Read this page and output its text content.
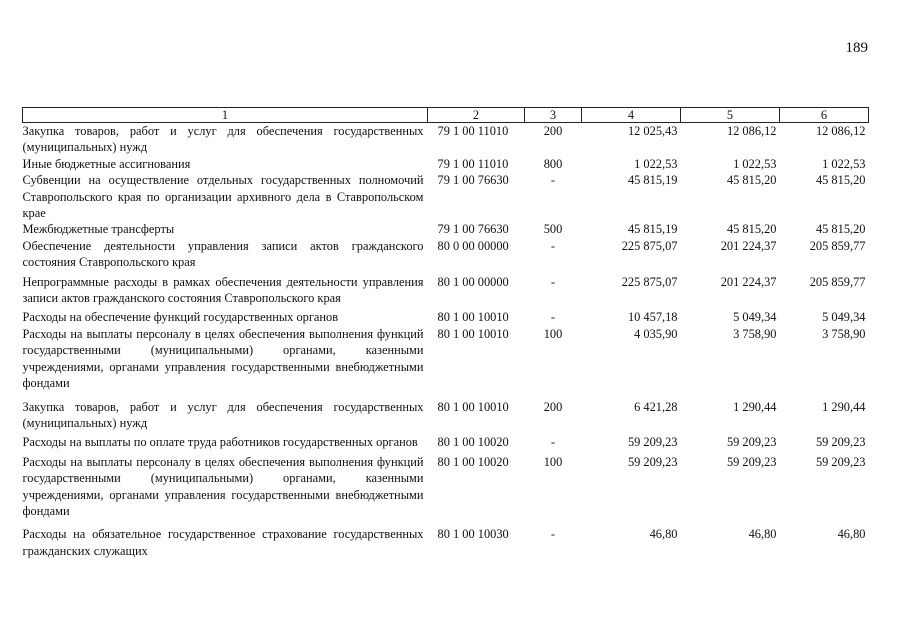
189
1	2	3	4	5	6
Закупка товаров, работ и услуг для обеспечения государственных (муниципальных) нужд	79 1 00 11010	200	12 025,43	12 086,12	12 086,12
Иные бюджетные ассигнования	79 1 00 11010	800	1 022,53	1 022,53	1 022,53
Субвенции на осуществление отдельных государственных полномочий Ставропольского края по организации архивного дела в Ставропольском крае	79 1 00 76630	-	45 815,19	45 815,20	45 815,20
Межбюджетные трансферты	79 1 00 76630	500	45 815,19	45 815,20	45 815,20
Обеспечение деятельности управления записи актов гражданского состояния Ставропольского края	80 0 00 00000	-	225 875,07	201 224,37	205 859,77
Непрограммные расходы в рамках обеспечения деятельности управления записи актов гражданского состояния Ставропольского края	80 1 00 00000	-	225 875,07	201 224,37	205 859,77
Расходы на обеспечение функций государственных органов	80 1 00 10010	-	10 457,18	5 049,34	5 049,34
Расходы на выплаты персоналу в целях обеспечения выполнения функций государственными (муниципальными) органами, казенными учреждениями, органами управления государственными внебюджетными фондами	80 1 00 10010	100	4 035,90	3 758,90	3 758,90
Закупка товаров, работ и услуг для обеспечения государственных (муниципальных) нужд	80 1 00 10010	200	6 421,28	1 290,44	1 290,44
Расходы на выплаты по оплате труда работников государственных органов	80 1 00 10020	-	59 209,23	59 209,23	59 209,23
Расходы на выплаты персоналу в целях обеспечения выполнения функций государственными (муниципальными) органами, казенными учреждениями, органами управления государственными внебюджетными фондами	80 1 00 10020	100	59 209,23	59 209,23	59 209,23
Расходы на обязательное государственное страхование государственных гражданских служащих	80 1 00 10030	-	46,80	46,80	46,80
